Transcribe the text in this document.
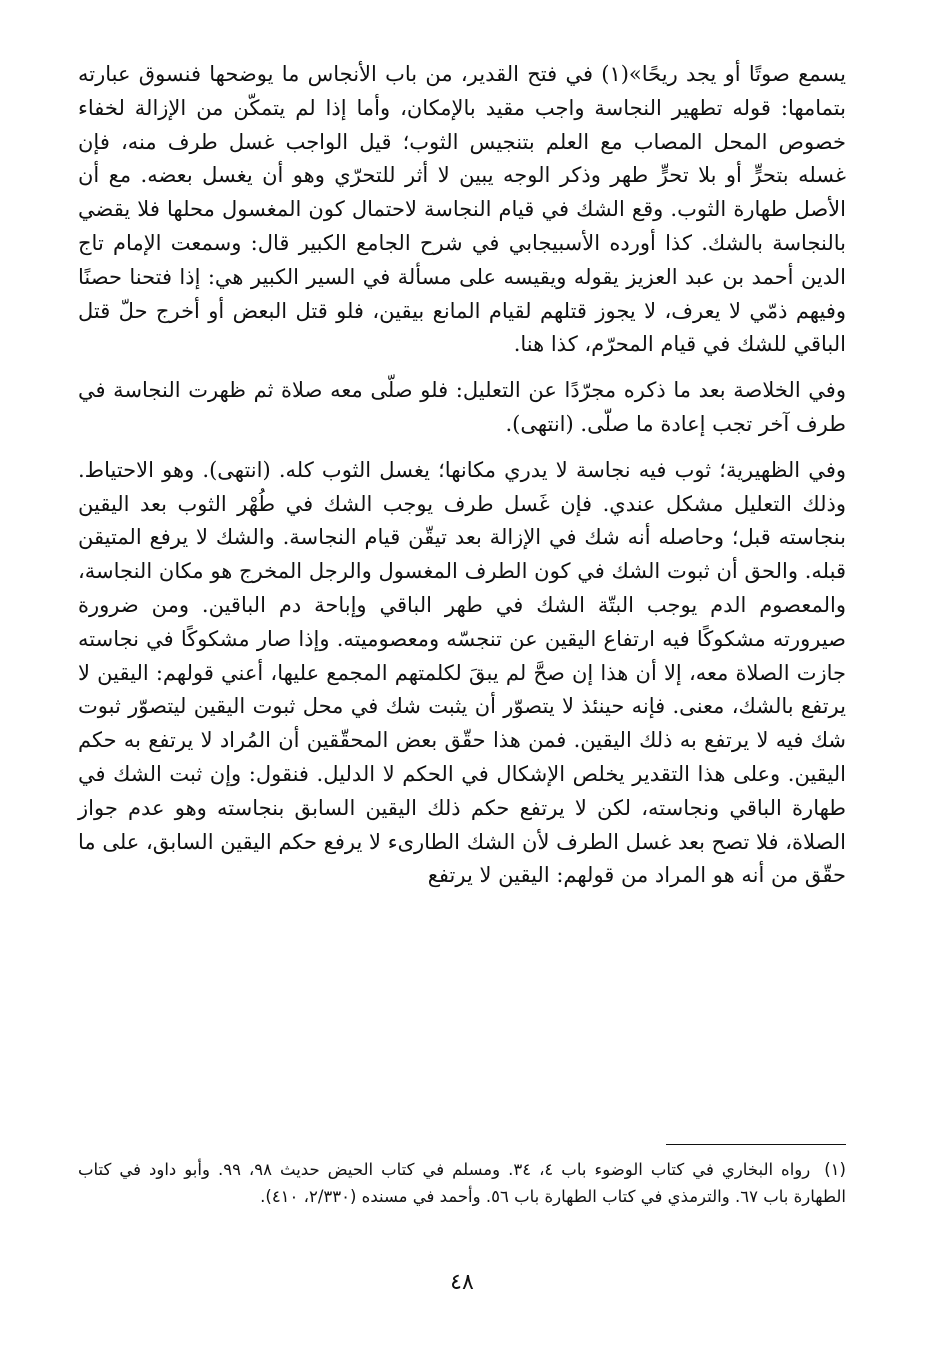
يسمع صوتًا أو يجد ريحًا»(١) في فتح القدير، من باب الأنجاس ما يوضحها فنسوق عبارته بتمامها: قوله تطهير النجاسة واجب مقيد بالإمكان، وأما إذا لم يتمكّن من الإزالة لخفاء خصوص المحل المصاب مع العلم بتنجيس الثوب؛ قيل الواجب غسل طرف منه، فإن غسله بتحرٍّ أو بلا تحرٍّ طهر وذكر الوجه يبين لا أثر للتحرّي وهو أن يغسل بعضه. مع أن الأصل طهارة الثوب. وقع الشك في قيام النجاسة لاحتمال كون المغسول محلها فلا يقضي بالنجاسة بالشك. كذا أورده الأسبيجابي في شرح الجامع الكبير قال: وسمعت الإمام تاج الدين أحمد بن عبد العزيز يقوله ويقيسه على مسألة في السير الكبير هي: إذا فتحنا حصنًا وفيهم ذمّي لا يعرف، لا يجوز قتلهم لقيام المانع بيقين، فلو قتل البعض أو أخرج حلّ قتل الباقي للشك في قيام المحرّم، كذا هنا.

وفي الخلاصة بعد ما ذكره مجرّدًا عن التعليل: فلو صلّى معه صلاة ثم ظهرت النجاسة في طرف آخر تجب إعادة ما صلّى. (انتهى).

وفي الظهيرية؛ ثوب فيه نجاسة لا يدري مكانها؛ يغسل الثوب كله. (انتهى). وهو الاحتياط. وذلك التعليل مشكل عندي. فإن غَسل طرف يوجب الشك في طُهْر الثوب بعد اليقين بنجاسته قبل؛ وحاصله أنه شك في الإزالة بعد تيقّن قيام النجاسة. والشك لا يرفع المتيقن قبله. والحق أن ثبوت الشك في كون الطرف المغسول والرجل المخرج هو مكان النجاسة، والمعصوم الدم يوجب البتّة الشك في طهر الباقي وإباحة دم الباقين. ومن ضرورة صيرورته مشكوكًا فيه ارتفاع اليقين عن تنجسّه ومعصوميته. وإذا صار مشكوكًا في نجاسته جازت الصلاة معه، إلا أن هذا إن صحَّ لم يبقَ لكلمتهم المجمع عليها، أعني قولهم: اليقين لا يرتفع بالشك، معنى. فإنه حينئذ لا يتصوّر أن يثبت شك في محل ثبوت اليقين ليتصوّر ثبوت شك فيه لا يرتفع به ذلك اليقين. فمن هذا حقّق بعض المحقّقين أن المُراد لا يرتفع به حكم اليقين. وعلى هذا التقدير يخلص الإشكال في الحكم لا الدليل. فنقول: وإن ثبت الشك في طهارة الباقي ونجاسته، لكن لا يرتفع حكم ذلك اليقين السابق بنجاسته وهو عدم جواز الصلاة، فلا تصح بعد غسل الطرف لأن الشك الطارىء لا يرفع حكم اليقين السابق، على ما حقّق من أنه هو المراد من قولهم: اليقين لا يرتفع

(١)رواه البخاري في كتاب الوضوء باب ٤، ٣٤. ومسلم في كتاب الحيض حديث ٩٨، ٩٩. وأبو داود في كتاب الطهارة باب ٦٧. والترمذي في كتاب الطهارة باب ٥٦. وأحمد في مسنده (٢/٣٣٠، ٤١٠).
٤٨
